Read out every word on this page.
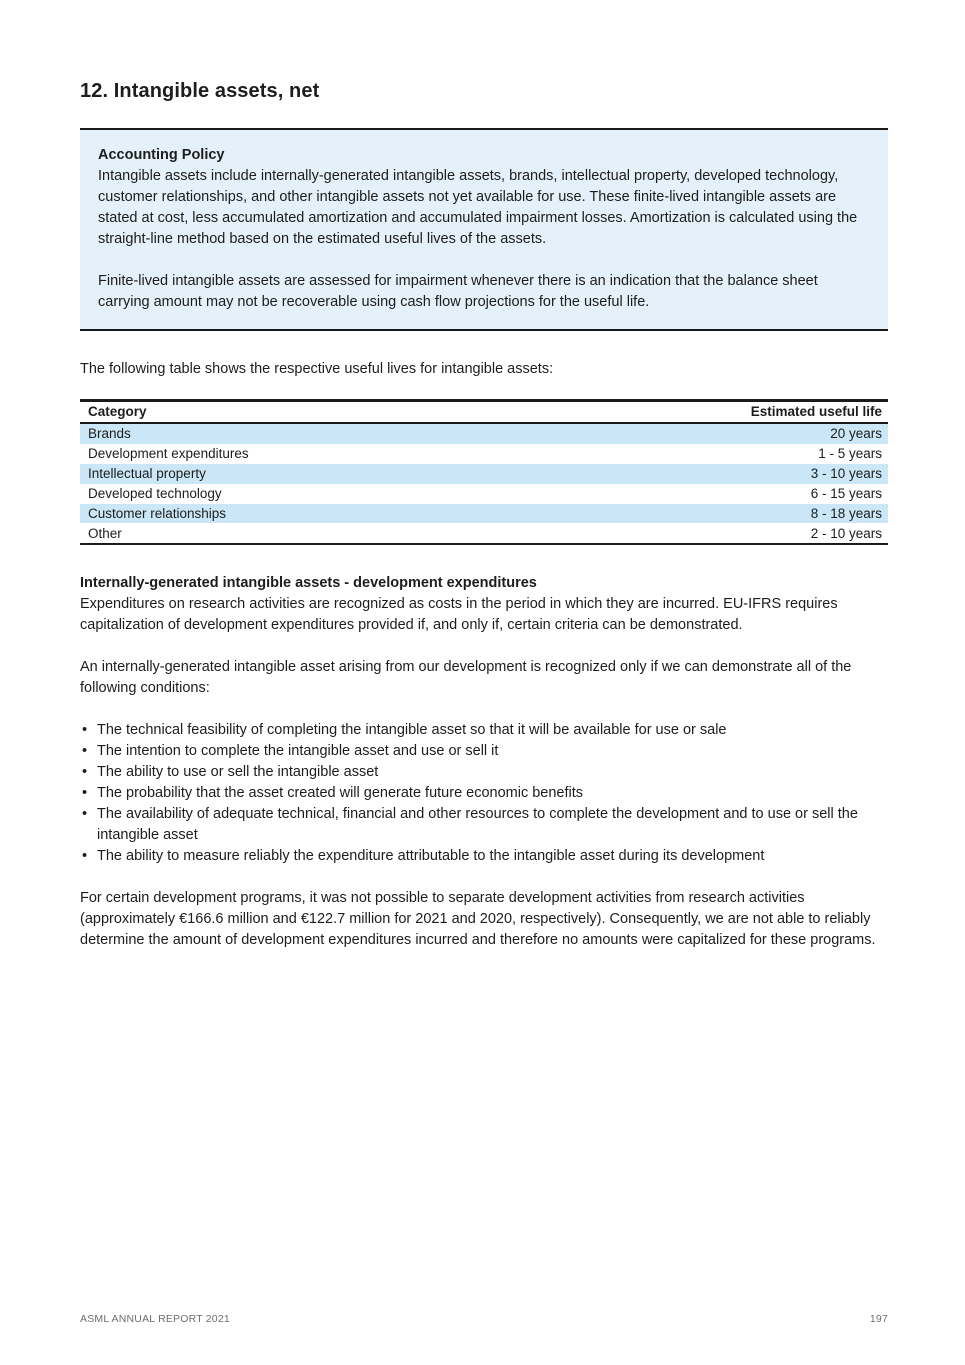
12. Intangible assets, net
Accounting Policy

Intangible assets include internally-generated intangible assets, brands, intellectual property, developed technology, customer relationships, and other intangible assets not yet available for use. These finite-lived intangible assets are stated at cost, less accumulated amortization and accumulated impairment losses. Amortization is calculated using the straight-line method based on the estimated useful lives of the assets.

Finite-lived intangible assets are assessed for impairment whenever there is an indication that the balance sheet carrying amount may not be recoverable using cash flow projections for the useful life.

The following table shows the respective useful lives for intangible assets:

Category	Estimated useful life
Brands	20 years
Development expenditures	1 - 5 years
Intellectual property	3 - 10 years
Developed technology	6 - 15 years
Customer relationships	8 - 18 years
Other	2 - 10 years
Internally-generated intangible assets - development expenditures

Expenditures on research activities are recognized as costs in the period in which they are incurred. EU-IFRS requires capitalization of development expenditures provided if, and only if, certain criteria can be demonstrated.

An internally-generated intangible asset arising from our development is recognized only if we can demonstrate all of the following conditions:

• The technical feasibility of completing the intangible asset so that it will be available for use or sale
• The intention to complete the intangible asset and use or sell it
• The ability to use or sell the intangible asset
• The probability that the asset created will generate future economic benefits
• The availability of adequate technical, financial and other resources to complete the development and to use or sell the intangible asset
• The ability to measure reliably the expenditure attributable to the intangible asset during its development

For certain development programs, it was not possible to separate development activities from research activities (approximately €166.6 million and €122.7 million for 2021 and 2020, respectively). Consequently, we are not able to reliably determine the amount of development expenditures incurred and therefore no amounts were capitalized for these programs.

ASML ANNUAL REPORT 2021	197
